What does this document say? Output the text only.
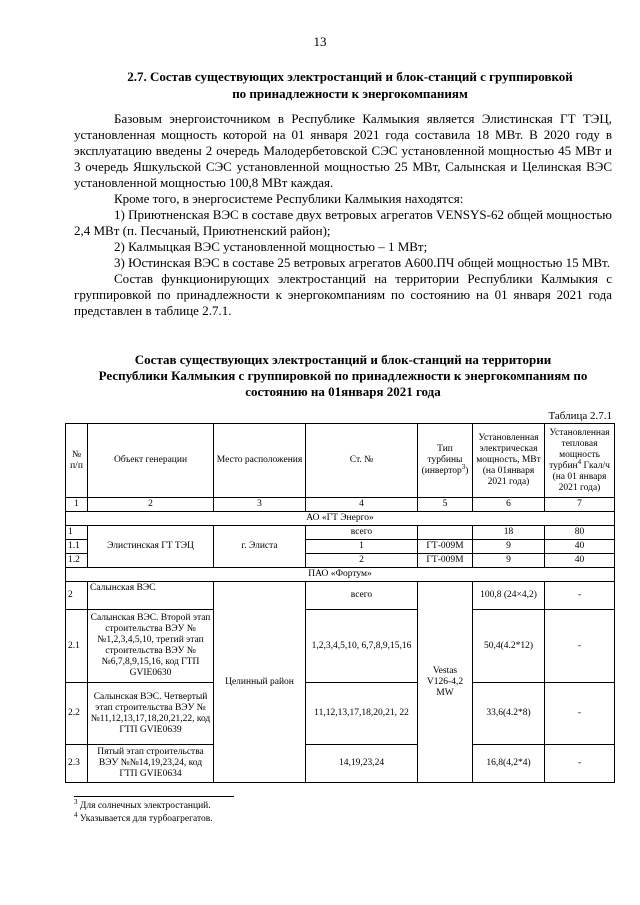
13
2.7. Состав существующих электростанций и блок-станций с группировкой
по принадлежности к энергокомпаниям

Базовым энергоисточником в Республике Калмыкия является Элистинская ГТ ТЭЦ, установленная мощность которой на 01 января 2021 года составила 18 МВт. В 2020 году в эксплуатацию введены 2 очередь Малодербетовской СЭС установленной мощностью 45 МВт и 3 очередь Яшкульской СЭС установленной мощностью 25 МВт, Салынская и Целинская ВЭС установленной мощностью 100,8 МВт каждая.

Кроме того, в энергосистеме Республики Калмыкия находятся:

1) Приютненская ВЭС в составе двух ветровых агрегатов VENSYS-62 общей мощностью 2,4 МВт (п. Песчаный, Приютненский район);

2) Калмыцкая ВЭС установленной мощностью – 1 МВт;

3) Юстинская ВЭС в составе 25 ветровых агрегатов А600.ПЧ общей мощностью 15 МВт.

Состав функционирующих электростанций на территории Республики Калмыкия с группировкой по принадлежности к энергокомпаниям по состоянию на 01 января 2021 года представлен в таблице 2.7.1.

Состав существующих электростанций и блок-станций на территории
Республики Калмыкия с группировкой по принадлежности к энергокомпаниям по
состоянию на 01января 2021 года
Таблица 2.7.1
№ п/п	Объект генерации	Место расположения	Ст. №	Тип турбины (инвертор$^3$)	Установленная электрическая мощность, МВт (на 01января 2021 года)	Установленная тепловая мощность турбин$^4$ Гкал/ч (на 01 января 2021 года)
1	2	3	4	5	6	7
АО «ГТ Энерго»						
1	Элистинская ГТ ТЭЦ	г. Элиста	всего		18	80
1.1			1	ГТ-009М	9	40
1.2			2	ГТ-009М	9	40
ПАО «Фортум»						
2	Салынская ВЭС	Целинный район	всего	Vestas V126-4,2 MW	100,8 (24×4,2)	-
2.1	Салынская ВЭС. Второй этап строительства ВЭУ №№1,2,3,4,5,10, третий этап строительства ВЭУ №№6,7,8,9,15,16, код ГТП GVIE0630		1,2,3,4,5,10, 6,7,8,9,15,16		50,4(4.2*12)	-
2.2	Салынская ВЭС. Четвертый этап строительства ВЭУ №№11,12,13,17,18,20,21,22, код ГТП GVIE0639		11,12,13,17,18,20,21, 22		33,6(4.2*8)	-
2.3	Пятый этап строительства ВЭУ №№14,19,23,24, код ГТП GVIE0634		14,19,23,24		16,8(4,2*4)	-
$^3$ Для солнечных электростанций.
$^4$ Указывается для турбоагрегатов.
